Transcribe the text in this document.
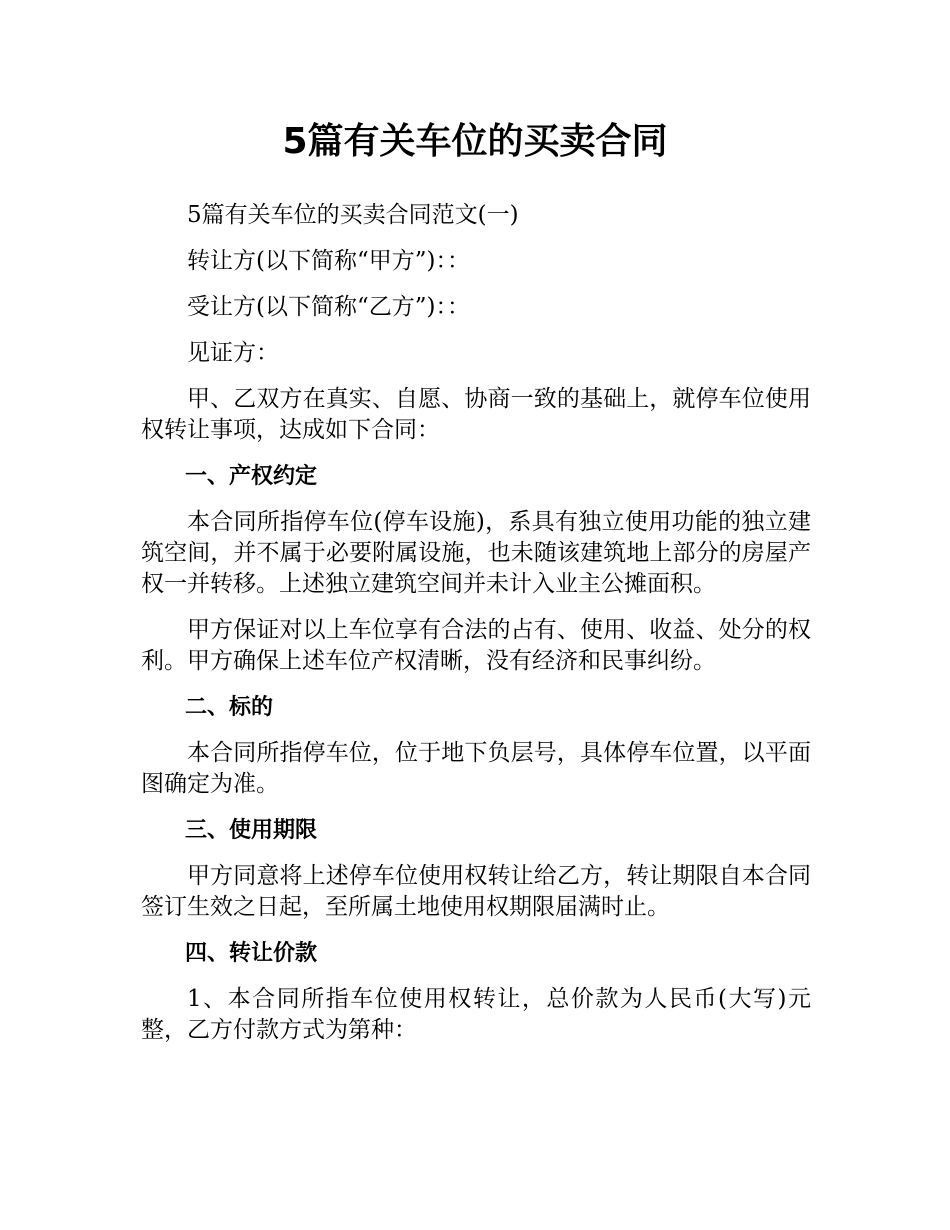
5篇有关车位的买卖合同
5篇有关车位的买卖合同范文(一)
转让方(以下简称“甲方”)：：
受让方(以下简称“乙方”)：：
见证方：
甲、乙双方在真实、自愿、协商一致的基础上，就停车位使用权转让事项，达成如下合同：
一、产权约定
本合同所指停车位(停车设施)，系具有独立使用功能的独立建筑空间，并不属于必要附属设施，也未随该建筑地上部分的房屋产权一并转移。上述独立建筑空间并未计入业主公摊面积。
甲方保证对以上车位享有合法的占有、使用、收益、处分的权利。甲方确保上述车位产权清晰，没有经济和民事纠纷。
二、标的
本合同所指停车位，位于地下负层号，具体停车位置，以平面图确定为准。
三、使用期限
甲方同意将上述停车位使用权转让给乙方，转让期限自本合同签订生效之日起，至所属土地使用权期限届满时止。
四、转让价款
1、本合同所指车位使用权转让，总价款为人民币(大写)元整，乙方付款方式为第种：
